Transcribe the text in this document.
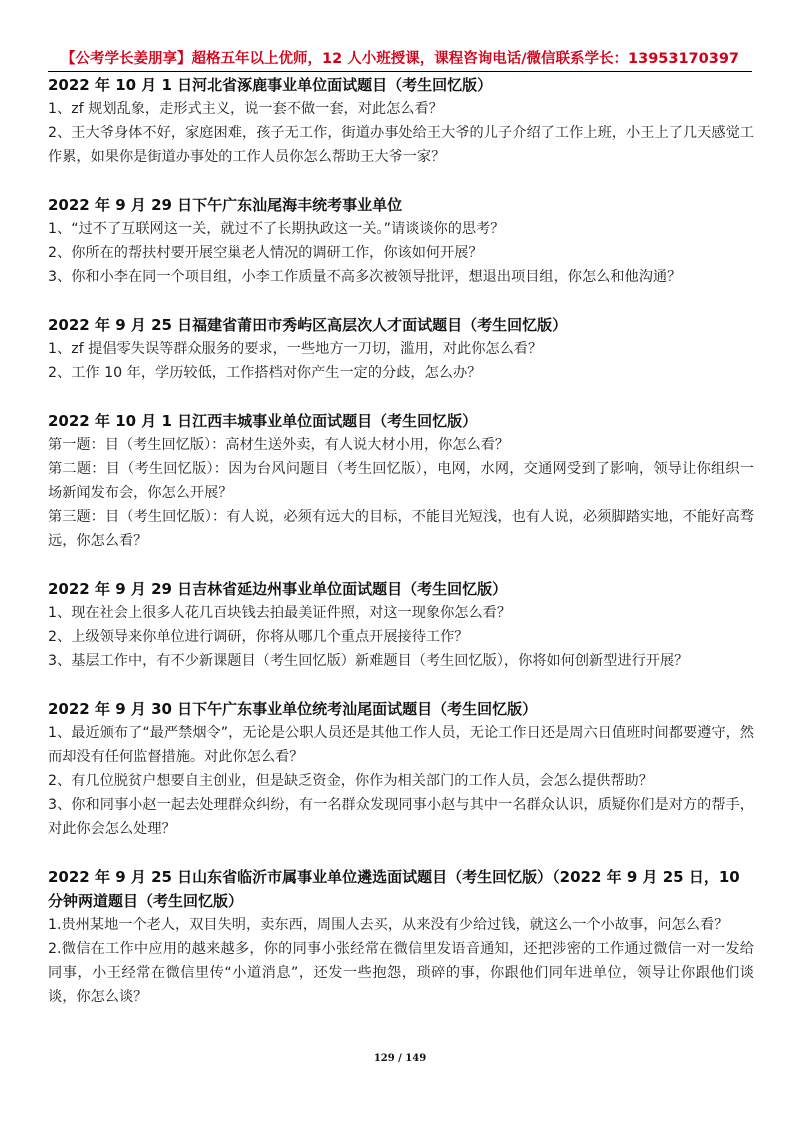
【公考学长姜朋享】超格五年以上优师，12 人小班授课，课程咨询电话/微信联系学长：13953170397

2022 年 10 月 1 日河北省涿鹿事业单位面试题目（考生回忆版）

1、zf 规划乱象，走形式主义，说一套不做一套，对此怎么看？

2、王大爷身体不好，家庭困难，孩子无工作，街道办事处给王大爷的儿子介绍了工作上班，小王上了几天感觉工作累，如果你是街道办事处的工作人员你怎么帮助王大爷一家？

2022 年 9 月 29 日下午广东汕尾海丰统考事业单位

1、“过不了互联网这一关，就过不了长期执政这一关。”请谈谈你的思考？

2、你所在的帮扶村要开展空巢老人情况的调研工作，你该如何开展？

3、你和小李在同一个项目组，小李工作质量不高多次被领导批评，想退出项目组，你怎么和他沟通？

2022 年 9 月 25 日福建省莆田市秀屿区高层次人才面试题目（考生回忆版）

1、zf 提倡零失误等群众服务的要求，一些地方一刀切，滥用，对此你怎么看？

2、工作 10 年，学历较低，工作搭档对你产生一定的分歧，怎么办？

2022 年 10 月 1 日江西丰城事业单位面试题目（考生回忆版）

第一题：目（考生回忆版）：高材生送外卖，有人说大材小用，你怎么看？

第二题：目（考生回忆版）：因为台风问题目（考生回忆版），电网，水网，交通网受到了影响，领导让你组织一场新闻发布会，你怎么开展？

第三题：目（考生回忆版）：有人说，必须有远大的目标，不能目光短浅，也有人说，必须脚踏实地，不能好高骛远，你怎么看？

2022 年 9 月 29 日吉林省延边州事业单位面试题目（考生回忆版）

1、现在社会上很多人花几百块钱去拍最美证件照，对这一现象你怎么看？

2、上级领导来你单位进行调研，你将从哪几个重点开展接待工作？

3、基层工作中，有不少新课题目（考生回忆版）新难题目（考生回忆版），你将如何创新型进行开展？

2022 年 9 月 30 日下午广东事业单位统考汕尾面试题目（考生回忆版）

1、最近颁布了“最严禁烟令”，无论是公职人员还是其他工作人员，无论工作日还是周六日值班时间都要遵守，然而却没有任何监督措施。对此你怎么看？

2、有几位脱贫户想要自主创业，但是缺乏资金，你作为相关部门的工作人员，会怎么提供帮助？

3、你和同事小赵一起去处理群众纠纷，有一名群众发现同事小赵与其中一名群众认识，质疑你们是对方的帮手，对此你会怎么处理？

2022 年 9 月 25 日山东省临沂市属事业单位遴选面试题目（考生回忆版）（2022 年 9 月 25 日，10 分钟两道题目（考生回忆版）

1.贵州某地一个老人，双目失明，卖东西，周围人去买，从来没有少给过钱，就这么一个小故事，问怎么看？

2.微信在工作中应用的越来越多，你的同事小张经常在微信里发语音通知，还把涉密的工作通过微信一对一发给同事，小王经常在微信里传“小道消息”，还发一些抱怨，琐碎的事，你跟他们同年进单位，领导让你跟他们谈谈，你怎么谈？

129 / 149
